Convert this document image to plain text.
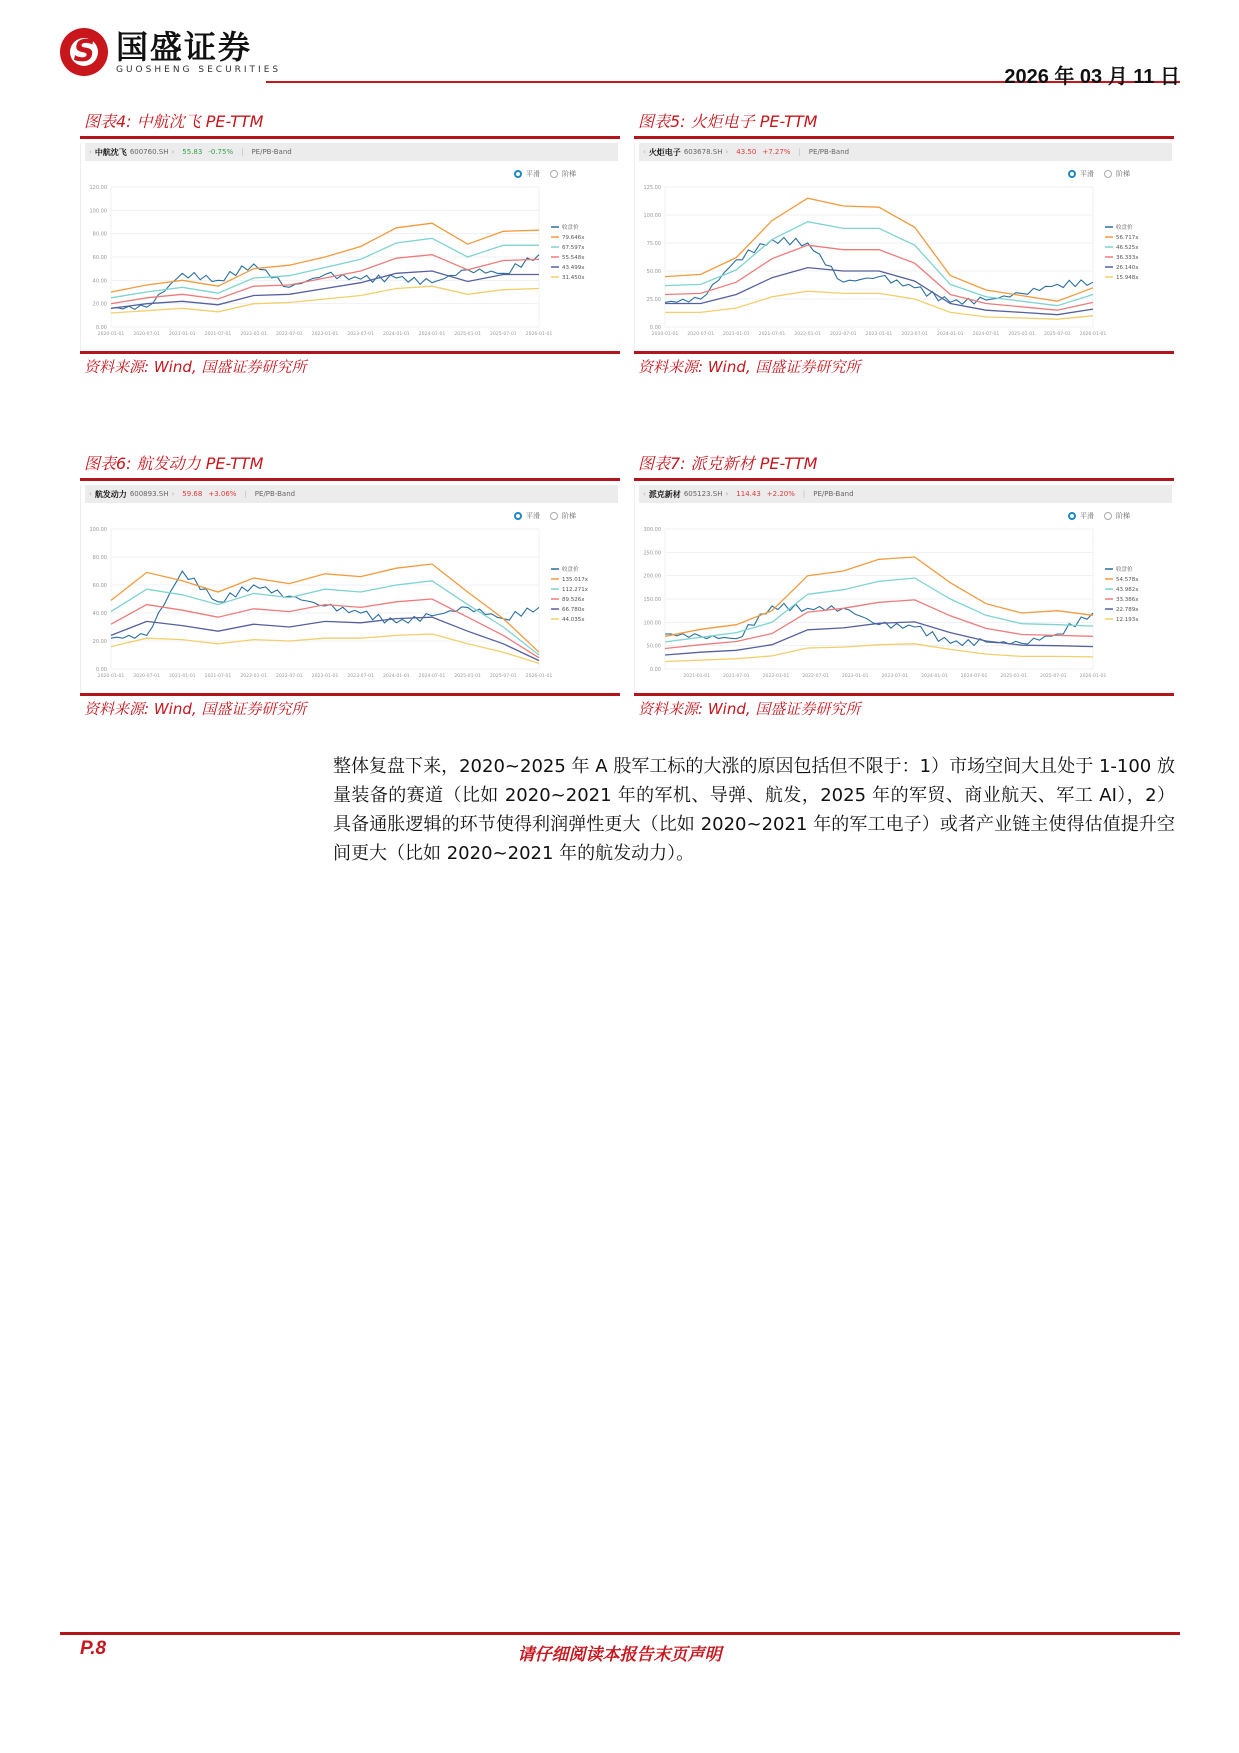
S
国盛证券
GUOSHENG SECURITIES	2026 年 03 月 11 日
图表4: 中航沈飞 PE-TTM
‹ 中航沈飞 600760.SH › 55.83 -0.75% | PE/PB-Band
平滑	阶梯
0.00
20.00
40.00
60.00
80.00
100.00
120.00
2020-01-01 2020-07-01 2021-01-01 2021-07-01 2022-01-01 2022-07-01 2023-01-01 2023-07-01 2024-01-01 2024-07-01 2025-01-01 2025-07-01 2026-01-01
收盘价
79.646x
67.597x
55.548x
43.499x
31.450x
资料来源: Wind, 国盛证券研究所
图表5: 火炬电子 PE-TTM
‹ 火炬电子 603678.SH › 43.50 +7.27% | PE/PB-Band
平滑	阶梯
0.00
25.00
50.00
75.00
100.00
125.00
2020-01-01 2020-07-01 2021-01-01 2021-07-01 2022-01-01 2022-07-01 2023-01-01 2023-07-01 2024-01-01 2024-07-01 2025-01-01 2025-07-01 2026-01-01
收盘价
56.717x
46.525x
36.333x
26.140x
15.948x
资料来源: Wind, 国盛证券研究所
图表6: 航发动力 PE-TTM
‹ 航发动力 600893.SH › 59.68 +3.06% | PE/PB-Band
平滑	阶梯
0.00
20.00
40.00
60.00
80.00
100.00
2020-01-01 2020-07-01 2021-01-01 2021-07-01 2022-01-01 2022-07-01 2023-01-01 2023-07-01 2024-01-01 2024-07-01 2025-01-01 2025-07-01 2026-01-01
收盘价
135.017x
112.271x
89.526x
66.780x
44.035x
资料来源: Wind, 国盛证券研究所
图表7: 派克新材 PE-TTM
‹ 派克新材 605123.SH › 114.43 +2.20% | PE/PB-Band
平滑	阶梯
0.00
50.00
100.00
150.00
200.00
250.00
300.00
2021-01-01	2021-07-01	2022-01-01	2022-07-01	2023-01-01	2023-07-01	2024-01-01	2024-07-01	2025-01-01	2025-07-01	2026-01-01
收盘价
54.578x
43.982x
33.386x
22.789x
12.193x
资料来源: Wind, 国盛证券研究所
整体复盘下来，2020~2025 年 A 股军工标的大涨的原因包括但不限于：1）市场空间大且处于 1-100 放量装备的赛道（比如 2020~2021 年的军机、导弹、航发，2025 年的军贸、商业航天、军工 AI），2）具备通胀逻辑的环节使得利润弹性更大（比如 2020~2021 年的军工电子）或者产业链主使得估值提升空间更大（比如 2020~2021 年的航发动力）。
P.8	请仔细阅读本报告末页声明
